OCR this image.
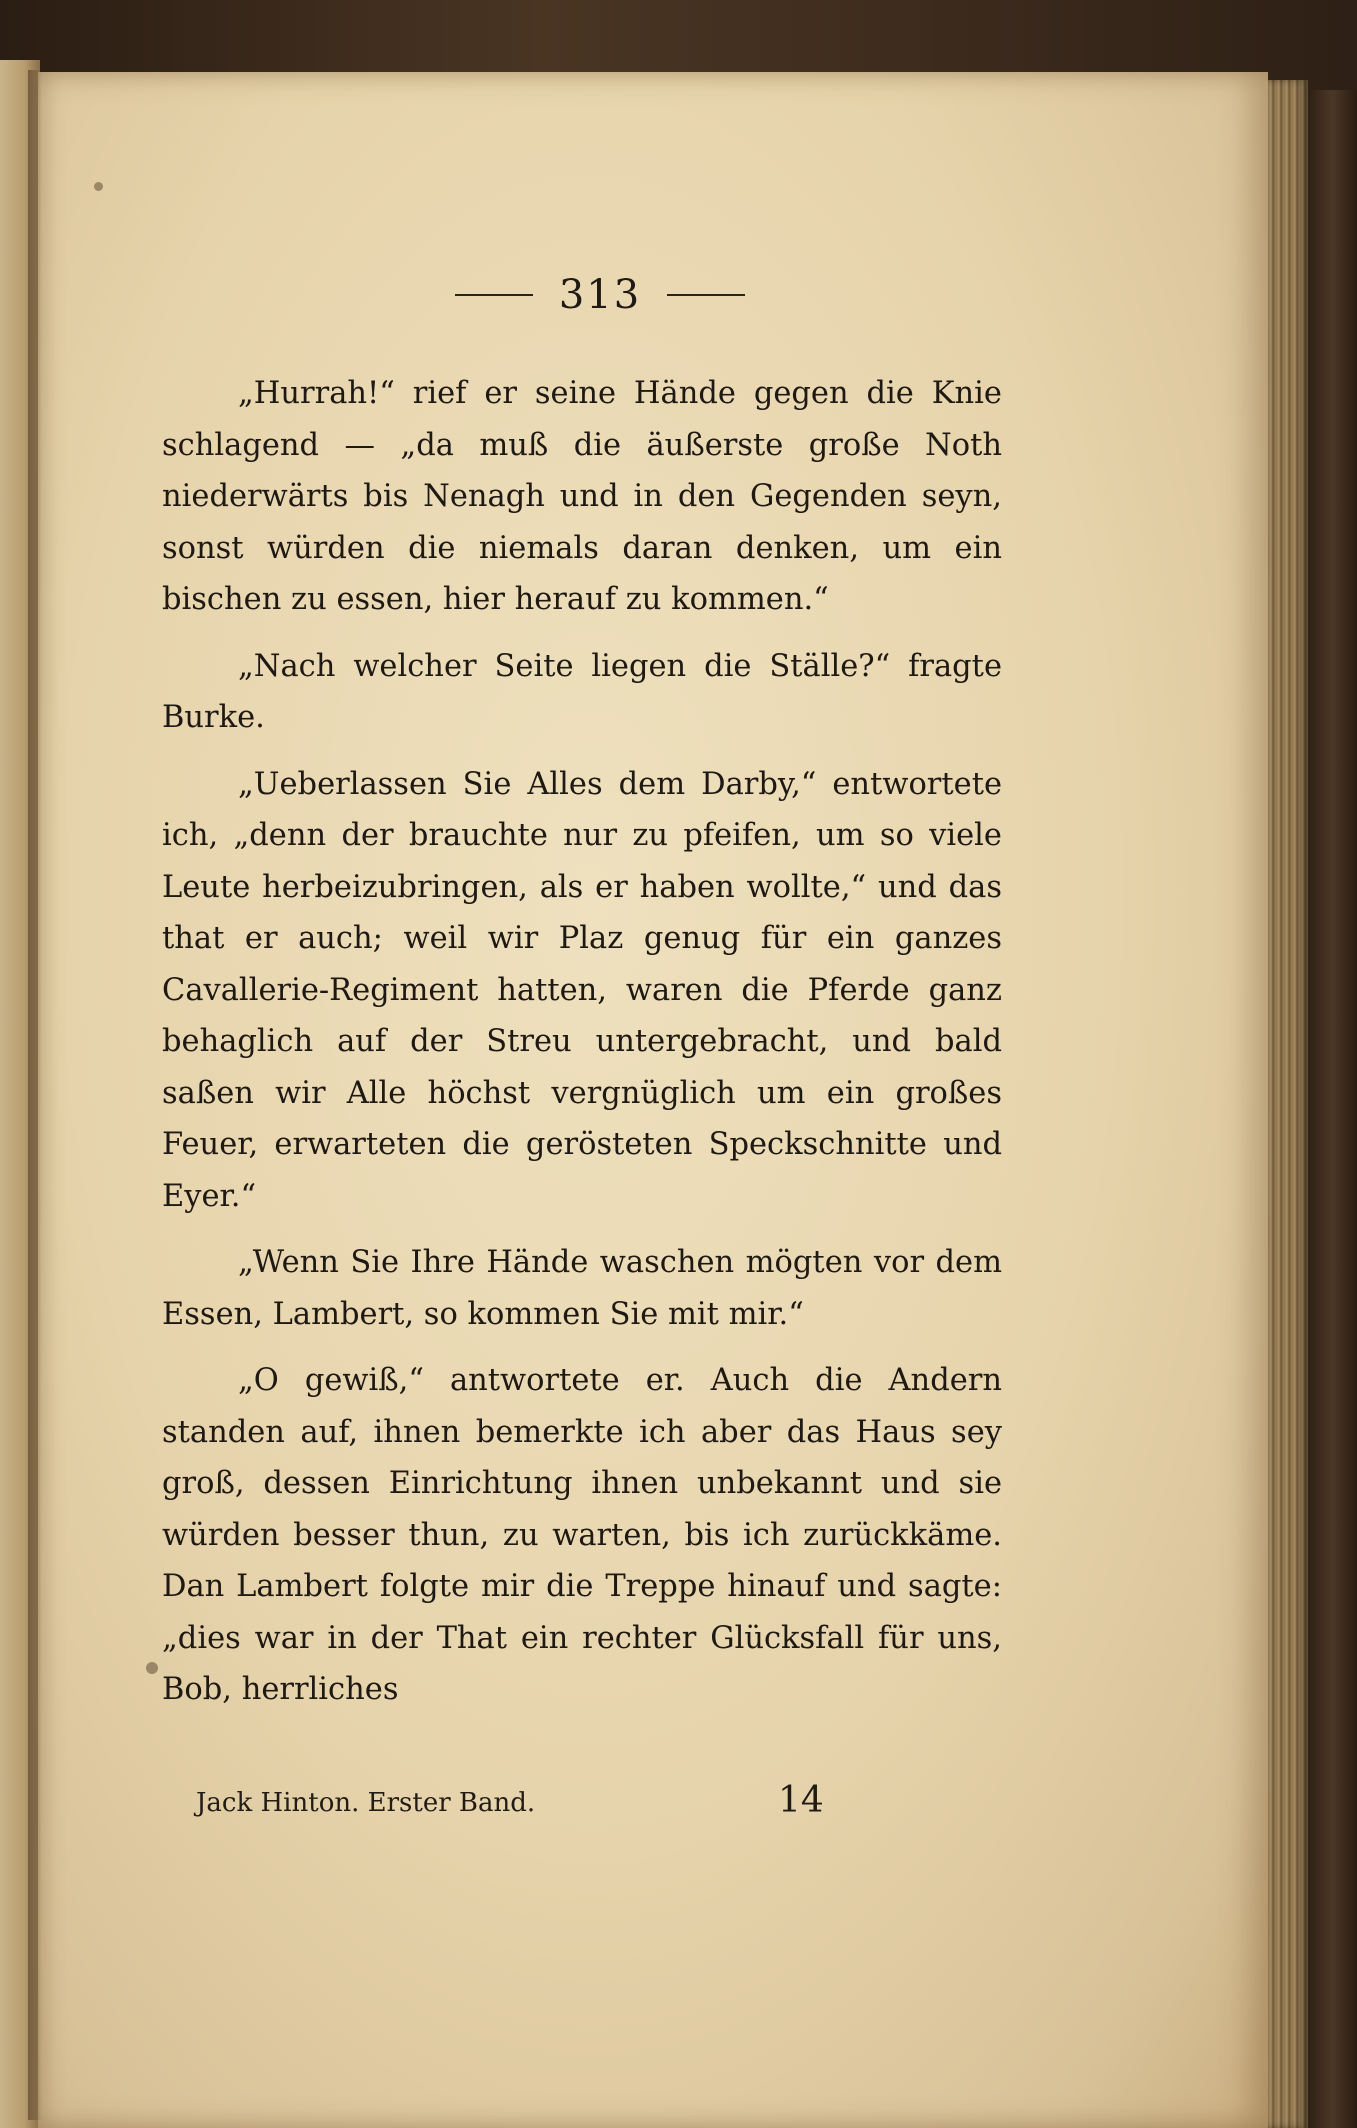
313

„Hurrah!“ rief er seine Hände gegen die Knie schlagend — „da muß die äußerste große Noth niederwärts bis Nenagh und in den Gegenden seyn, sonst würden die niemals daran denken, um ein bischen zu essen, hier herauf zu kommen.“

„Nach welcher Seite liegen die Ställe?“ fragte Burke.

„Ueberlassen Sie Alles dem Darby,“ entwortete ich, „denn der brauchte nur zu pfeifen, um so viele Leute herbeizubringen, als er haben wollte,“ und das that er auch; weil wir Plaz genug für ein ganzes Cavallerie-Regiment hatten, waren die Pferde ganz behaglich auf der Streu untergebracht, und bald saßen wir Alle höchst vergnüglich um ein großes Feuer, erwarteten die gerösteten Speckschnitte und Eyer.“

„Wenn Sie Ihre Hände waschen mögten vor dem Essen, Lambert, so kommen Sie mit mir.“

„O gewiß,“ antwortete er. Auch die Andern standen auf, ihnen bemerkte ich aber das Haus sey groß, dessen Einrichtung ihnen unbekannt und sie würden besser thun, zu warten, bis ich zurückkäme. Dan Lambert folgte mir die Treppe hinauf und sagte: „dies war in der That ein rechter Glücksfall für uns, Bob, herrliches

Jack Hinton. Erster Band.	14
